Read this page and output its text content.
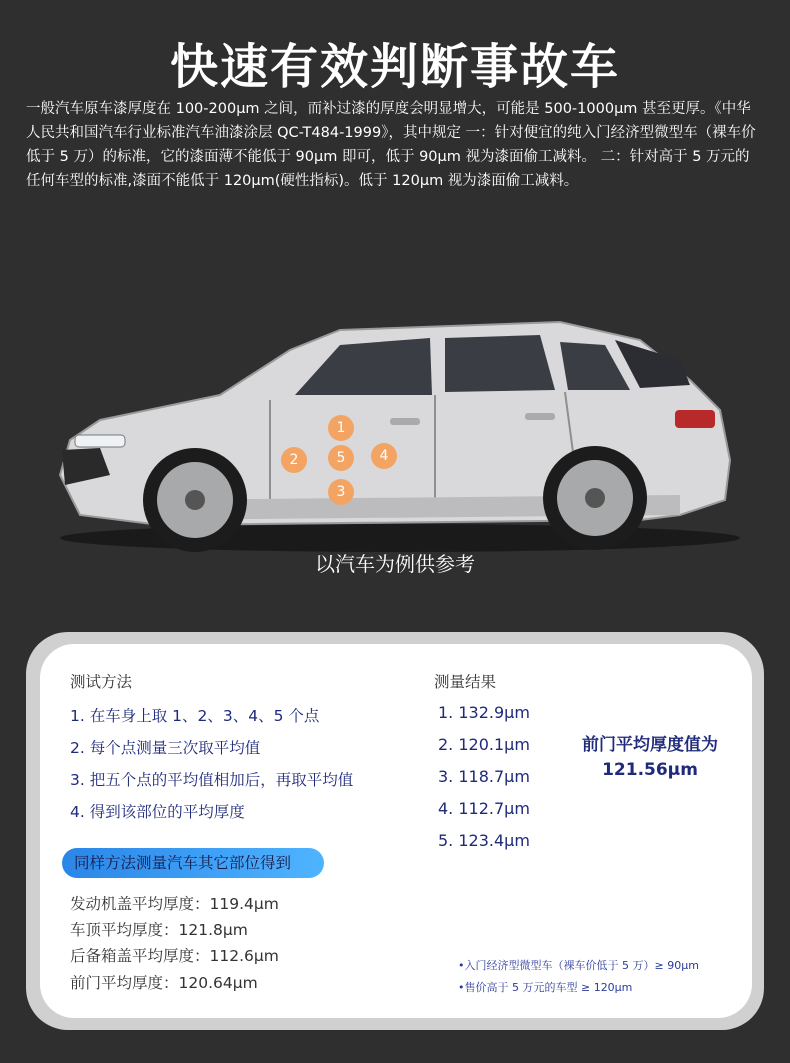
快速有效判断事故车
一般汽车原车漆厚度在 100-200μm 之间，而补过漆的厚度会明显增大，可能是 500-1000μm 甚至更厚。《中华人民共和国汽车行业标准汽车油漆涂层 QC-T484-1999》，其中规定 一：针对便宜的纯入门经济型微型车（裸车价低于 5 万）的标准，它的漆面薄不能低于 90μm 即可，低于 90μm 视为漆面偷工减料。 二：针对高于 5 万元的任何车型的标准,漆面不能低于 120μm(硬性指标)。低于 120μm 视为漆面偷工减料。
1
2
3
4
5
以汽车为例供参考
测试方法
1. 在车身上取 1、2、3、4、5 个点
2. 每个点测量三次取平均值
3. 把五个点的平均值相加后，再取平均值
4. 得到该部位的平均厚度
测量结果
1. 132.9μm
2. 120.1μm
3. 118.7μm
4. 112.7μm
5. 123.4μm
前门平均厚度值为
121.56μm
同样方法测量汽车其它部位得到
发动机盖平均厚度：119.4μm
车顶平均厚度：121.8μm
后备箱盖平均厚度：112.6μm
前门平均厚度：120.64μm
•入门经济型微型车（裸车价低于 5 万）≥ 90μm
•售价高于 5 万元的车型 ≥ 120μm
